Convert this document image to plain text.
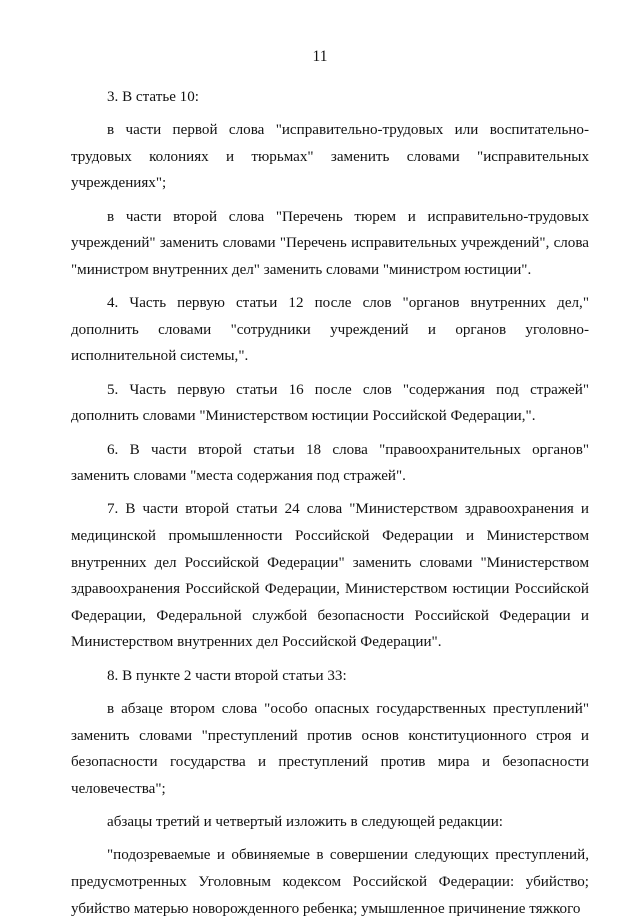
11

3. В статье 10:

в части первой слова "исправительно-трудовых или воспитательно-трудовых колониях и тюрьмах" заменить словами "исправительных учреждениях";

в части второй слова "Перечень тюрем и исправительно-трудовых учреждений" заменить словами "Перечень исправительных учреждений", слова "министром внутренних дел" заменить словами "министром юстиции".

4. Часть первую статьи 12 после слов "органов внутренних дел," дополнить словами "сотрудники учреждений и органов уголовно-исполнительной системы,".

5. Часть первую статьи 16 после слов "содержания под стражей" дополнить словами "Министерством юстиции Российской Федерации,".

6. В части второй статьи 18 слова "правоохранительных органов" заменить словами "места содержания под стражей".

7. В части второй статьи 24 слова "Министерством здравоохранения и медицинской промышленности Российской Федерации и Министерством внутренних дел Российской Федерации" заменить словами "Министерством здравоохранения Российской Федерации, Министерством юстиции Российской Федерации, Федеральной службой безопасности Российской Федерации и Министерством внутренних дел Российской Федерации".

8. В пункте 2 части второй статьи 33:

в абзаце втором слова "особо опасных государственных преступлений" заменить словами "преступлений против основ конституционного строя и безопасности государства и преступлений против мира и безопасности человечества";

абзацы третий и четвертый изложить в следующей редакции:

"подозреваемые и обвиняемые в совершении следующих преступлений, предусмотренных Уголовным кодексом Российской Федерации: убийство; убийство матерью новорожденного ребенка; умышленное причинение тяжкого
